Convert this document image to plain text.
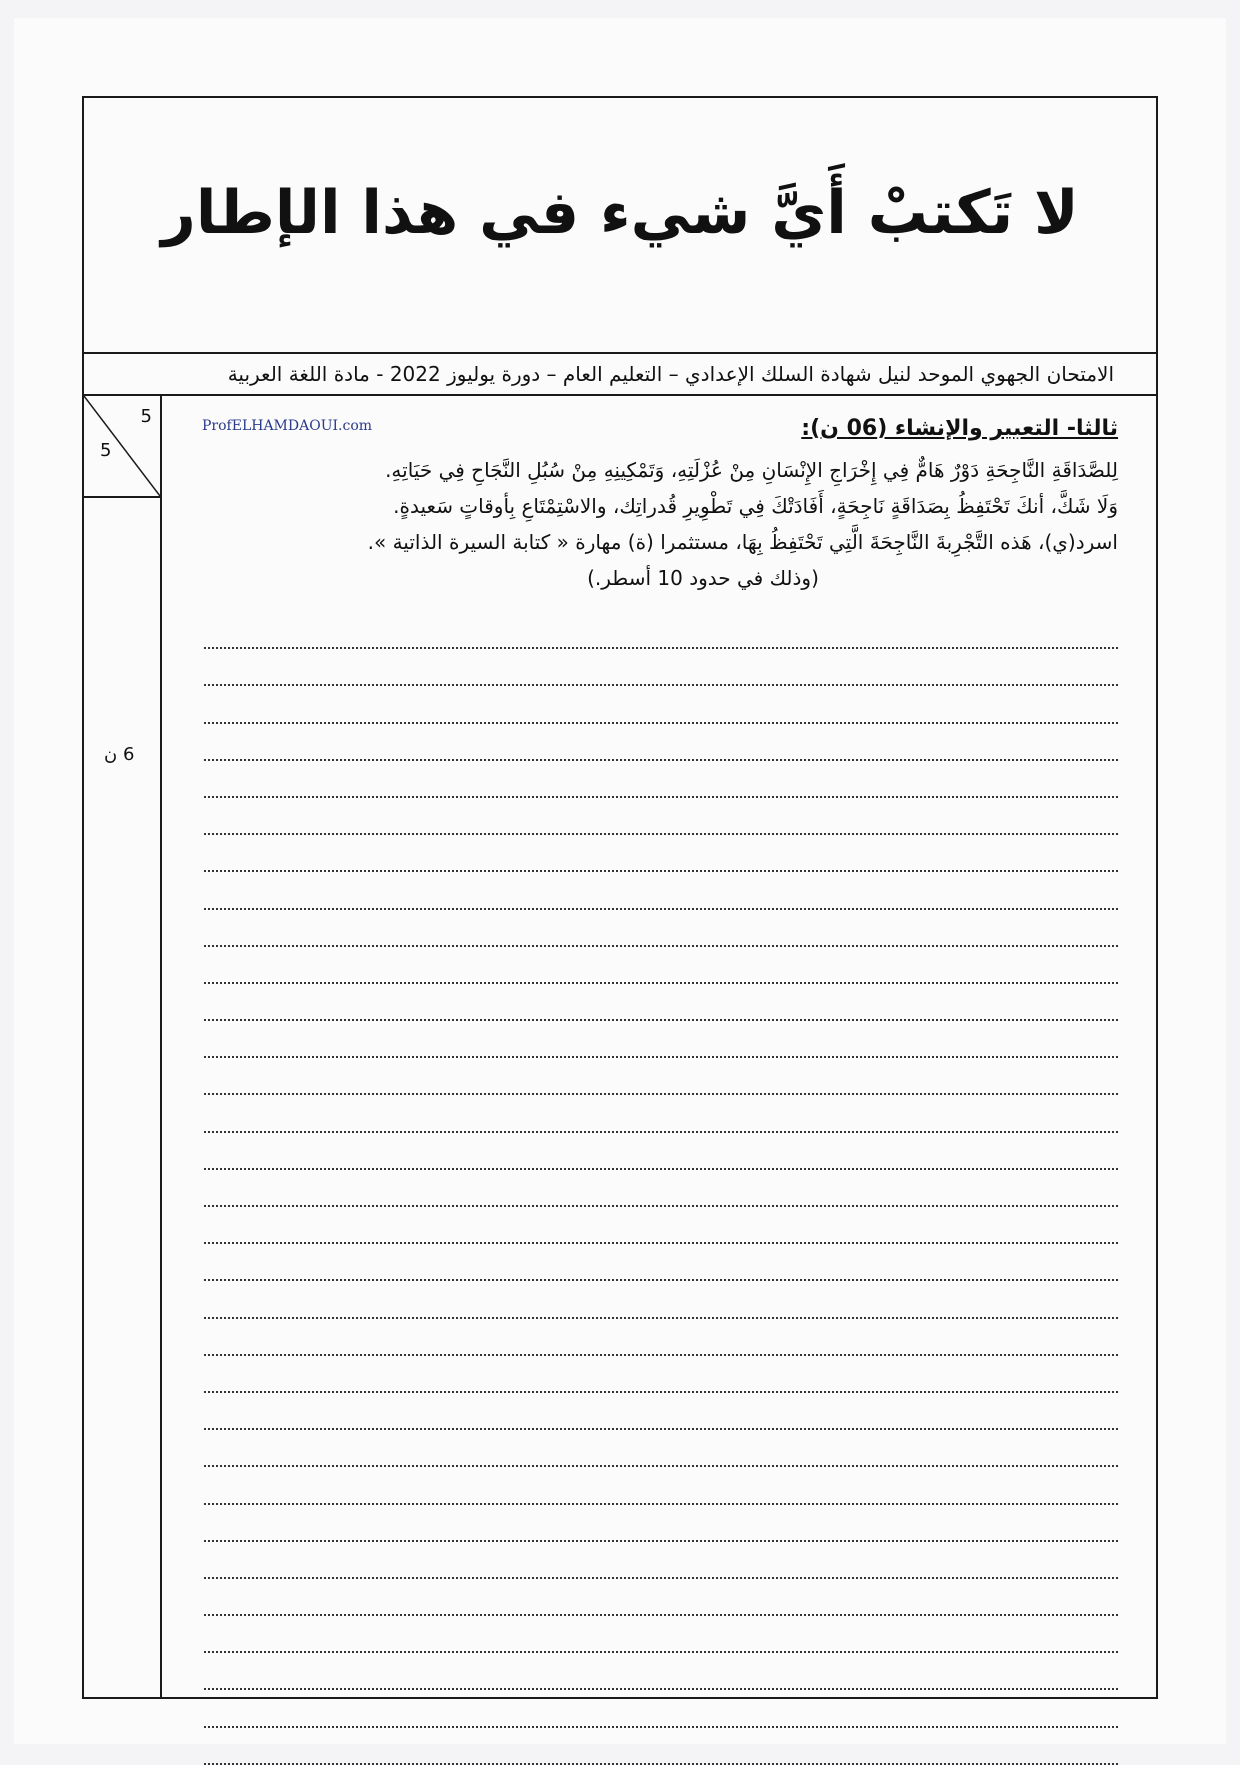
لا تَكتبْ أَيَّ شيء في هذا الإطار
الامتحان الجهوي الموحد لنيل شهادة السلك الإعدادي – التعليم العام – دورة يوليوز 2022 - مادة اللغة العربية
5
5
6 ن
ProfELHAMDAOUI.com	ثالثا- التعبير والإنشاء (06 ن):

لِلصَّدَاقَةِ النَّاجِحَةِ دَوْرٌ هَامٌّ فِي إِخْرَاجِ الإِنْسَانِ مِنْ عُزْلَتِهِ، وَتَمْكِينِهِ مِنْ سُبُلِ النَّجَاحِ فِي حَيَاتِهِ.

وَلَا شَكَّ، أنكَ تَحْتَفِظُ بِصَدَاقَةٍ نَاجِحَةٍ، أَفَادَتْكَ فِي تَطْوِيرِ قُدراتِك، والاسْتِمْتَاعِ بِأوقاتٍ سَعيدةٍ.

اسرد(ي)، هَذه التَّجْرِبةَ النَّاجِحَةَ الَّتِي تَحْتَفِظُ بِهَا، مستثمرا (ة) مهارة « كتابة السيرة الذاتية ».

(وذلك في حدود 10 أسطر.)
